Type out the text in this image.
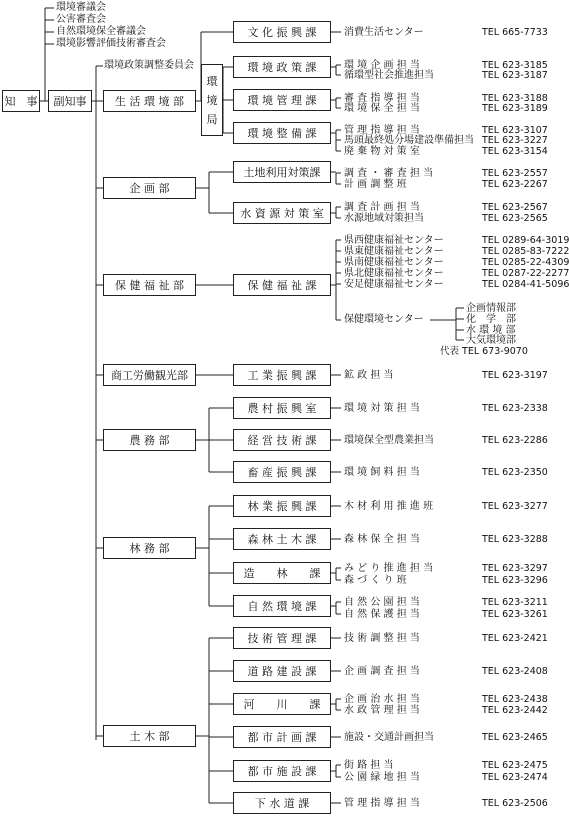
知　事	副知事
環境審議会
公害審査会
自然環境保全審議会
環境影響評価技術審査会
環境政策調整委員会
環
境
局
生 活 環 境 部
文 化 振 興 課	消費生活センター	TEL 665-7733
環 境 政 策 課	環 境 企 画 担 当	TEL 623-3185
循環型社会推進担当	TEL 623-3187
環 境 管 理 課	審 査 指 導 担 当	TEL 623-3188
環 境 保 全 担 当	TEL 623-3189
環 境 整 備 課	管 理 指 導 担 当	TEL 623-3107
馬頭最終処分場建設準備担当 TEL 623-3227
廃 棄 物 対 策 室	TEL 623-3154
企 画 部
土地利用対策課	調 査 ・ 審 査 担 当	TEL 623-2557
計 画 調 整 班	TEL 623-2267
水 資 源 対 策 室	調 査 計 画 担 当	TEL 623-2567
水源地域対策担当	TEL 623-2565
保 健 福 祉 部	保 健 福 祉 課
県西健康福祉センター	TEL 0289-64-3019
県東健康福祉センター	TEL 0285-83-7222
県南健康福祉センター	TEL 0285-22-4309
県北健康福祉センター	TEL 0287-22-2277
安足健康福祉センター	TEL 0284-41-5096
保健環境センター
企画情報部
化　学　部
水 環 境 部
大気環境部
代表 TEL 673-9070
商工労働観光部	工 業 振 興 課	鉱 政 担 当	TEL 623-3197
農 務 部
農 村 振 興 室	環 境 対 策 担 当	TEL 623-2338
経 営 技 術 課	環境保全型農業担当	TEL 623-2286
畜 産 振 興 課	環 境 飼 料 担 当	TEL 623-2350
林 務 部
林 業 振 興 課	木 材 利 用 推 進 班	TEL 623-3277
森 林 土 木 課	森 林 保 全 担 当	TEL 623-3288
造　　林　　課	み ど り 推 進 担 当	TEL 623-3297
森 づ く り 班	TEL 623-3296
自 然 環 境 課	自 然 公 園 担 当	TEL 623-3211
自 然 保 護 担 当	TEL 623-3261
土 木 部
技 術 管 理 課	技 術 調 整 担 当	TEL 623-2421
道 路 建 設 課	企 画 調 査 担 当	TEL 623-2408
河　　川　　課	企 画 治 水 担 当	TEL 623-2438
水 政 管 理 担 当	TEL 623-2442
都 市 計 画 課	施設・交通計画担当	TEL 623-2465
都 市 施 設 課	街 路 担 当	TEL 623-2475
公 園 緑 地 担 当	TEL 623-2474
下 水 道 課	管 理 指 導 担 当	TEL 623-2506
